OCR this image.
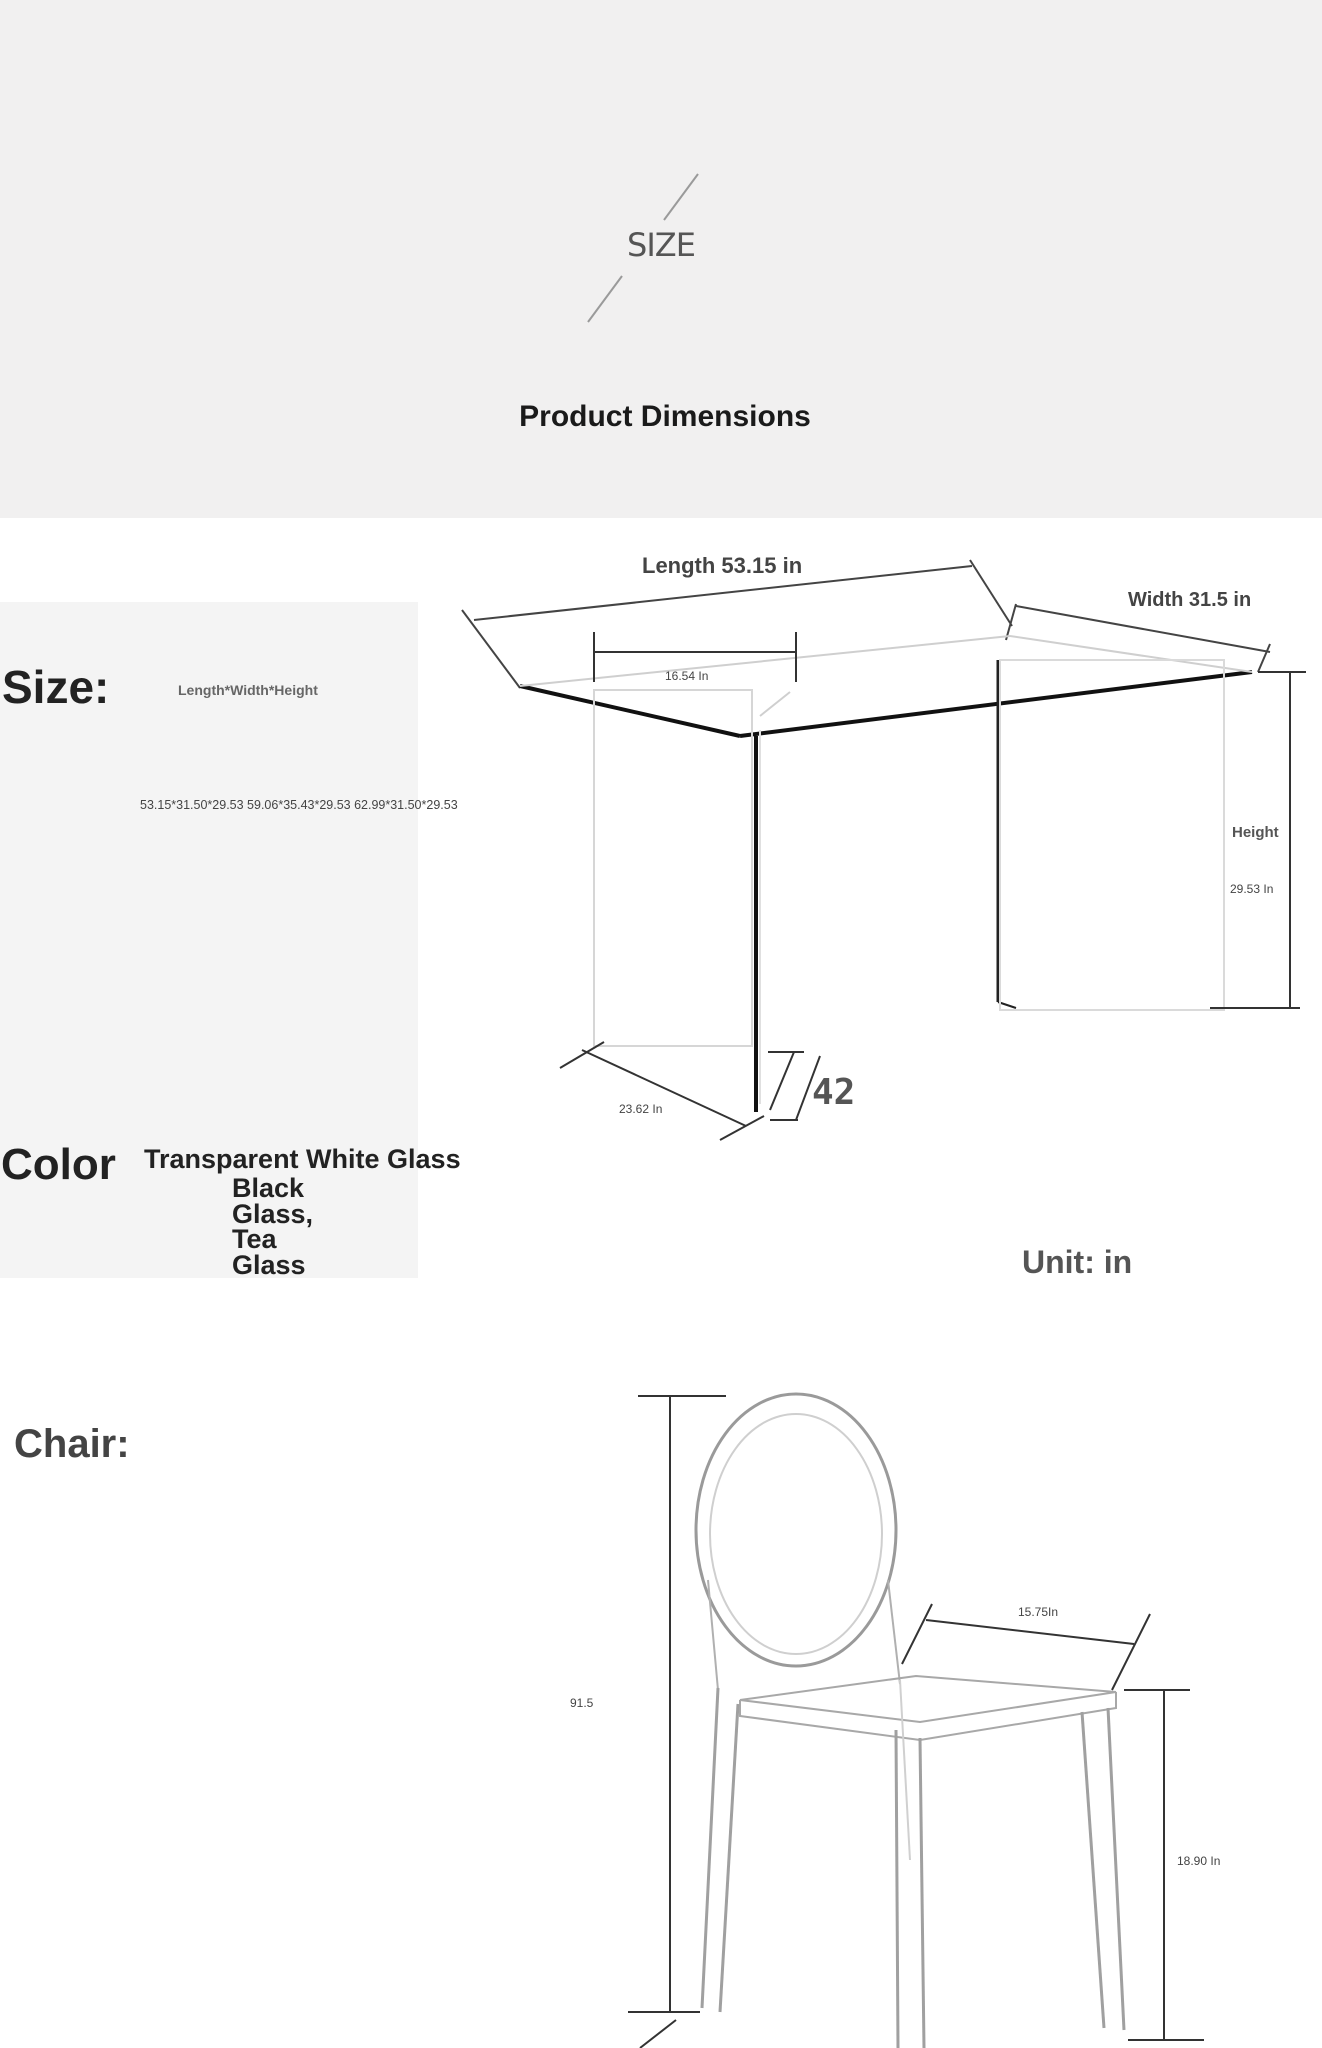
SIZE
Product Dimensions
Size:	Length*Width*Height
53.15*31.50*29.53 59.06*35.43*29.53 62.99*31.50*29.53
Color Transparent White Glass
Black
Glass,
Tea
Glass
Chair:
Unit: in
Length 53.15 in
Width 31.5 in
16.54 In
Height
29.53 In
23.62 In	42
15.75In
91.5
18.90 In
